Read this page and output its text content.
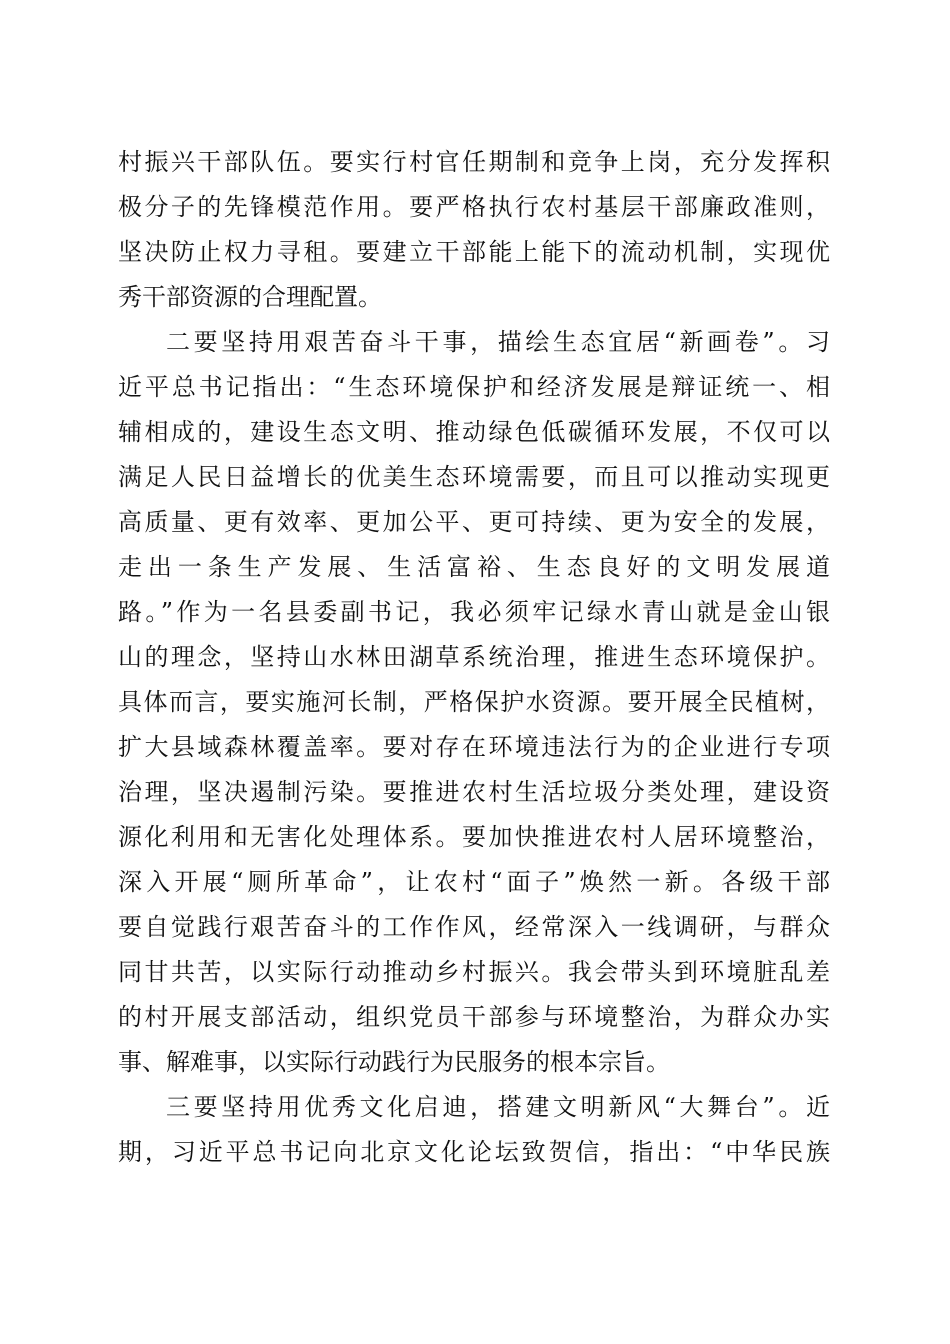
村振兴干部队伍。要实行村官任期制和竞争上岗，充分发挥积
极分子的先锋模范作用。要严格执行农村基层干部廉政准则，
坚决防止权力寻租。要建立干部能上能下的流动机制，实现优
秀干部资源的合理配置。
二要坚持用艰苦奋斗干事，描绘生态宜居“新画卷”。习
近平总书记指出：“生态环境保护和经济发展是辩证统一、相
辅相成的，建设生态文明、推动绿色低碳循环发展，不仅可以
满足人民日益增长的优美生态环境需要，而且可以推动实现更
高质量、更有效率、更加公平、更可持续、更为安全的发展，
走出一条生产发展、生活富裕、生态良好的文明发展道
路。”作为一名县委副书记，我必须牢记绿水青山就是金山银
山的理念，坚持山水林田湖草系统治理，推进生态环境保护。
具体而言，要实施河长制，严格保护水资源。要开展全民植树，
扩大县域森林覆盖率。要对存在环境违法行为的企业进行专项
治理，坚决遏制污染。要推进农村生活垃圾分类处理，建设资
源化利用和无害化处理体系。要加快推进农村人居环境整治，
深入开展“厕所革命”，让农村“面子”焕然一新。各级干部
要自觉践行艰苦奋斗的工作作风，经常深入一线调研，与群众
同甘共苦，以实际行动推动乡村振兴。我会带头到环境脏乱差
的村开展支部活动，组织党员干部参与环境整治，为群众办实
事、解难事，以实际行动践行为民服务的根本宗旨。
三要坚持用优秀文化启迪，搭建文明新风“大舞台”。近
期，习近平总书记向北京文化论坛致贺信，指出：“中华民族
